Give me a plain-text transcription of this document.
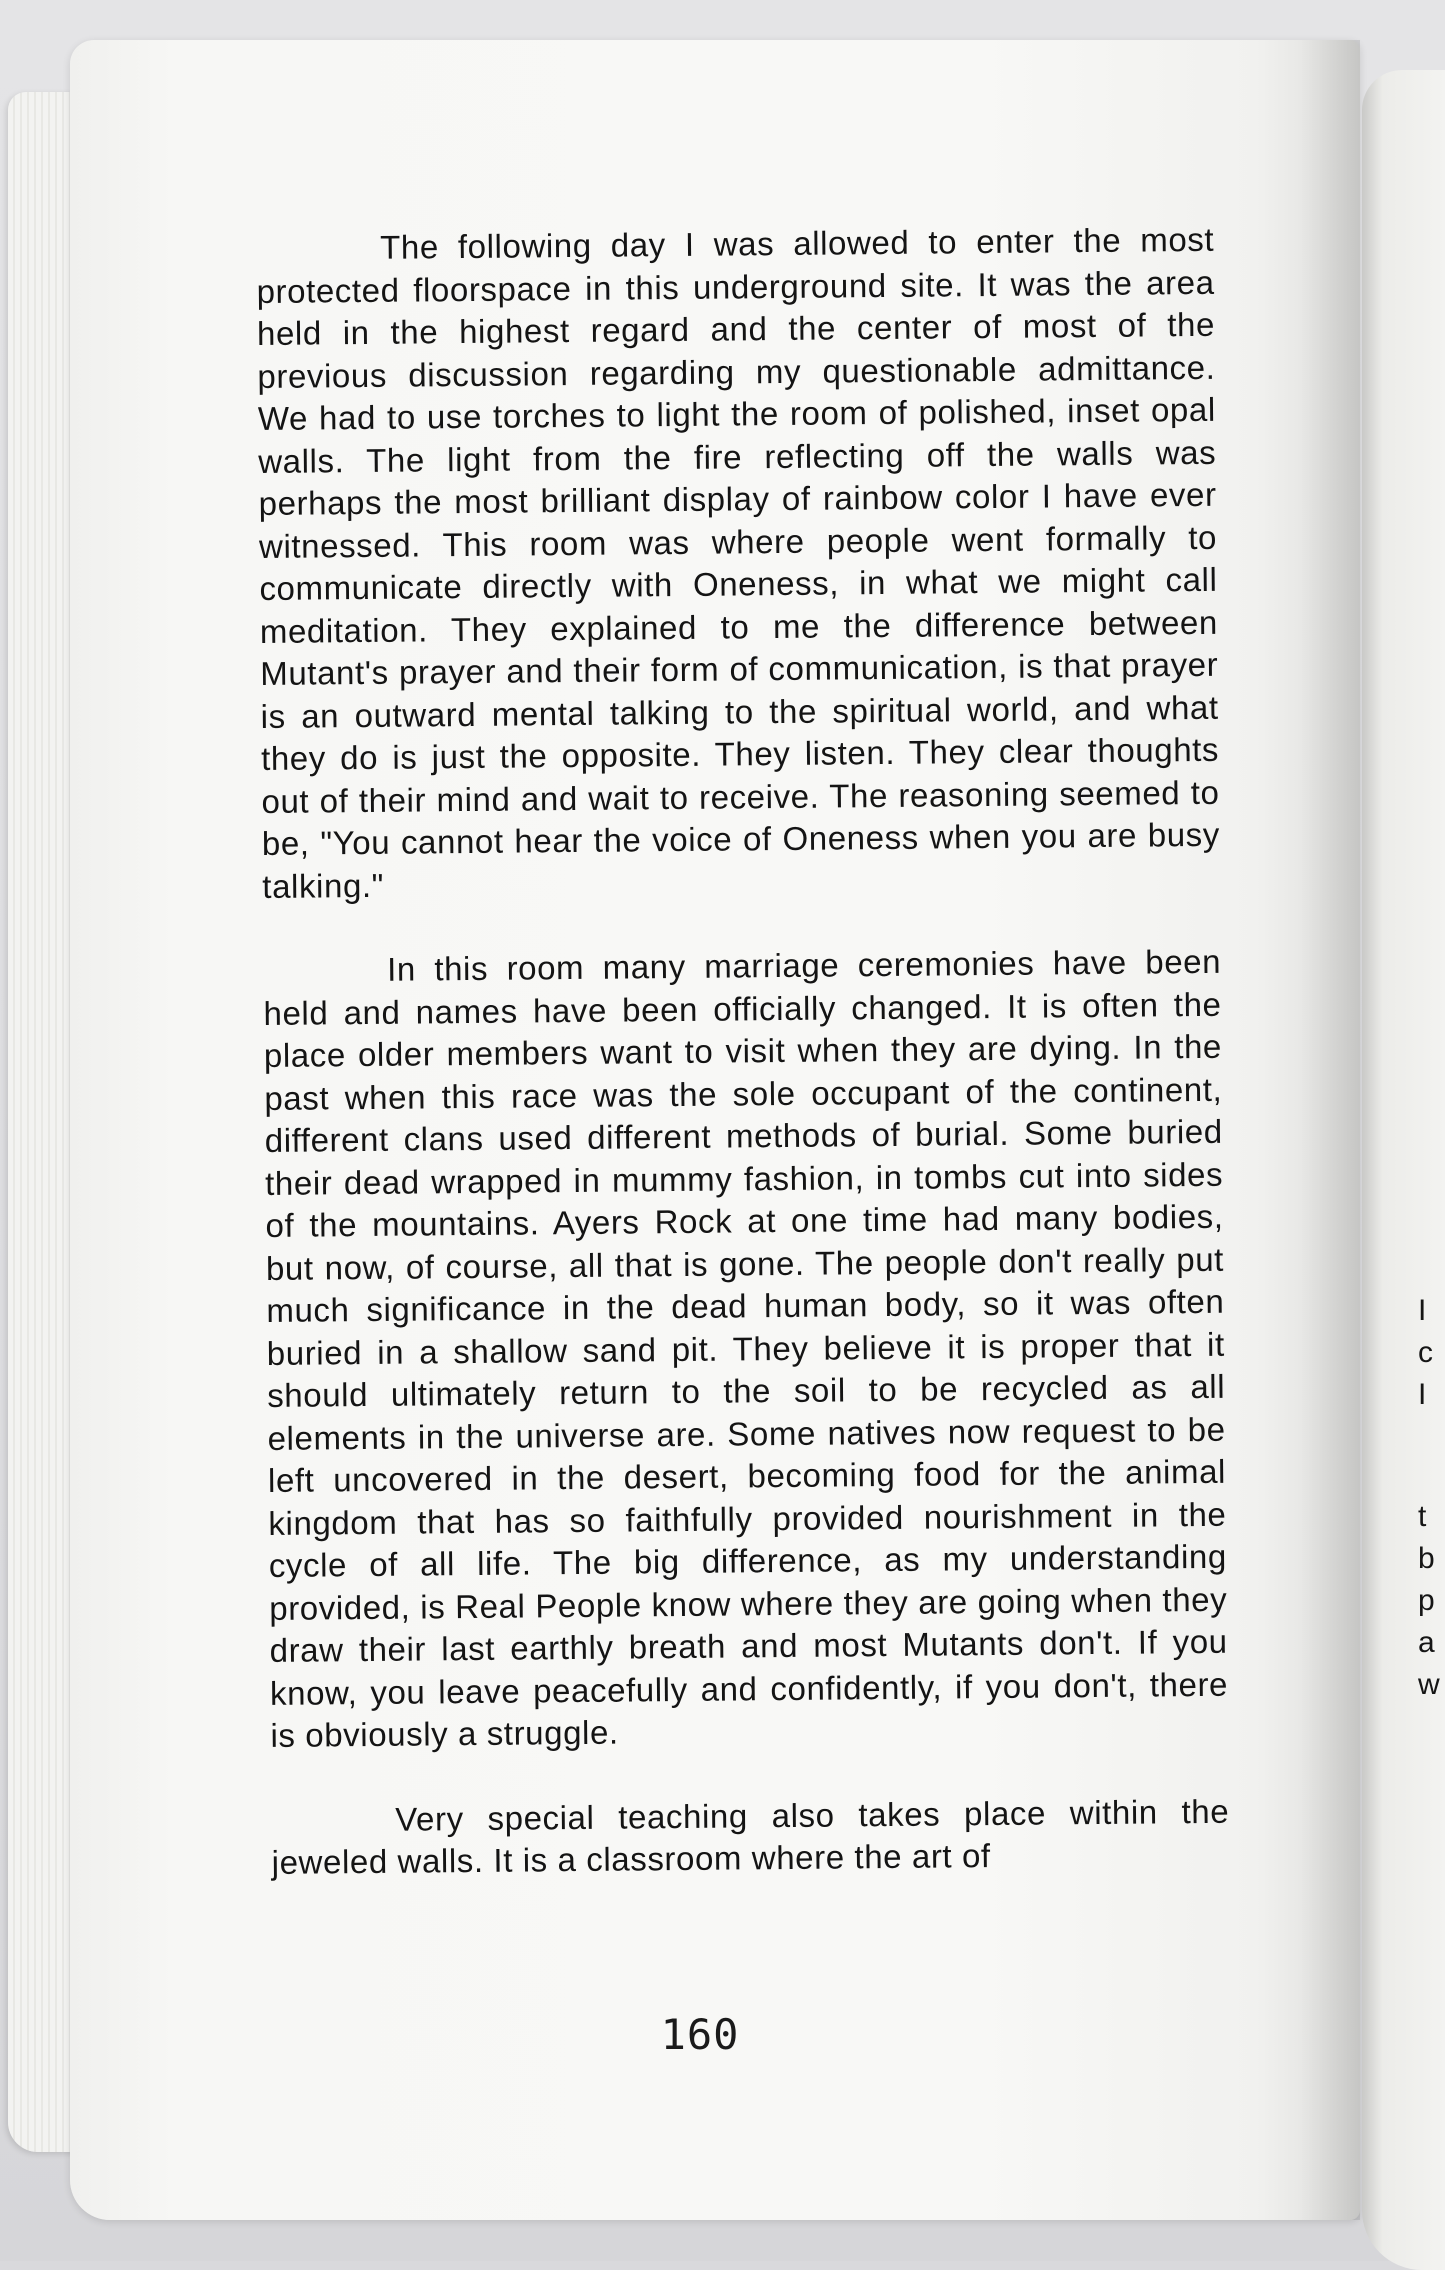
I
c
I
t
b
p
a
w

The following day I was allowed to enter the most protected floorspace in this underground site. It was the area held in the highest regard and the center of most of the previous discussion regarding my questionable admittance. We had to use torches to light the room of polished, inset opal walls. The light from the fire reflecting off the walls was perhaps the most brilliant display of rainbow color I have ever witnessed. This room was where people went formally to communicate directly with Oneness, in what we might call meditation. They explained to me the difference between Mutant's prayer and their form of communication, is that prayer is an outward mental talking to the spiritual world, and what they do is just the opposite. They listen. They clear thoughts out of their mind and wait to receive. The reasoning seemed to be, "You cannot hear the voice of Oneness when you are busy talking."

In this room many marriage ceremonies have been held and names have been officially changed. It is often the place older members want to visit when they are dying. In the past when this race was the sole occupant of the continent, different clans used different methods of burial. Some buried their dead wrapped in mummy fashion, in tombs cut into sides of the mountains. Ayers Rock at one time had many bodies, but now, of course, all that is gone. The people don't really put much significance in the dead human body, so it was often buried in a shallow sand pit. They believe it is proper that it should ultimately return to the soil to be recycled as all elements in the universe are. Some natives now request to be left uncovered in the desert, becoming food for the animal kingdom that has so faithfully provided nourishment in the cycle of all life. The big difference, as my understanding provided, is Real People know where they are going when they draw their last earthly breath and most Mutants don't. If you know, you leave peacefully and confidently, if you don't, there is obviously a struggle.

Very special teaching also takes place within the jeweled walls. It is a classroom where the art of

160
